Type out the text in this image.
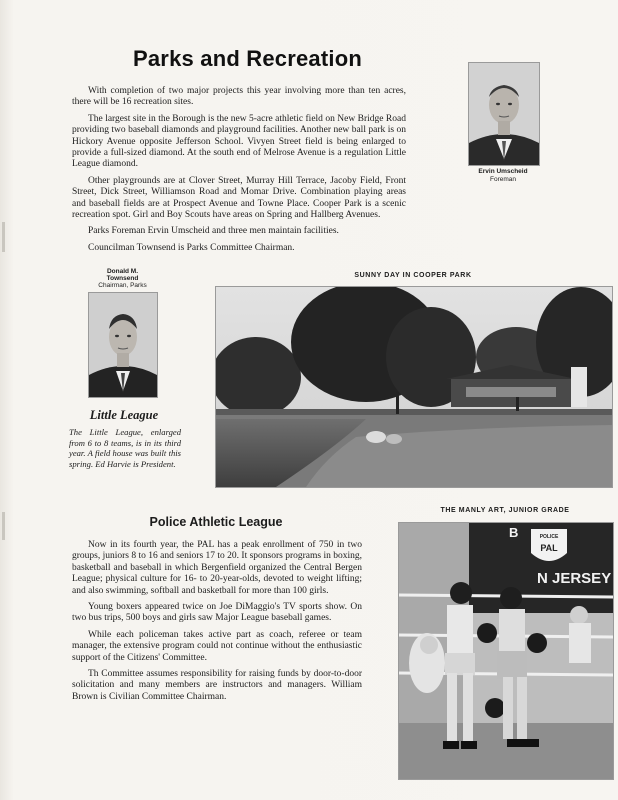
Parks and Recreation

With completion of two major projects this year involving more than ten acres, there will be 16 recreation sites.

The largest site in the Borough is the new 5-acre athletic field on New Bridge Road providing two baseball diamonds and playground facilities. Another new ball park is on Hickory Avenue opposite Jefferson School. Vivyen Street field is being enlarged to provide a full-sized diamond. At the south end of Melrose Avenue is a regulation Little League diamond.

Other playgrounds are at Clover Street, Murray Hill Terrace, Jacoby Field, Front Street, Dick Street, Williamson Road and Momar Drive. Combination playing areas and baseball fields are at Prospect Avenue and Towne Place. Cooper Park is a scenic recreation spot. Girl and Boy Scouts have areas on Spring and Hallberg Avenues.

Parks Foreman Ervin Umscheid and three men maintain facilities.

Councilman Townsend is Parks Committee Chairman.

Ervin Umscheid
Foreman
Donald M.
Townsend
Chairman, Parks
SUNNY DAY IN COOPER PARK
Little League
The Little League, enlarged from 6 to 8 teams, is in its third year. A field house was built this spring. Ed Harvie is President.
Police Athletic League

Now in its fourth year, the PAL has a peak enrollment of 750 in two groups, juniors 8 to 16 and seniors 17 to 20. It sponsors programs in boxing, basketball and baseball in which Bergenfield organized the Central Bergen League; physical culture for 16- to 20-year-olds, devoted to weight lifting; and also swimming, softball and basketball for more than 100 girls.

Young boxers appeared twice on Joe DiMaggio's TV sports show. On two bus trips, 500 boys and girls saw Major League baseball games.

While each policeman takes active part as coach, referee or team manager, the extensive program could not continue without the enthusiastic support of the Citizens' Committee.

Th Committee assumes responsibility for raising funds by door-to-door solicitation and many members are instructors and managers. William Brown is Civilian Committee Chairman.

THE MANLY ART, JUNIOR GRADE
B
N JERSEY
POLICE
PAL
